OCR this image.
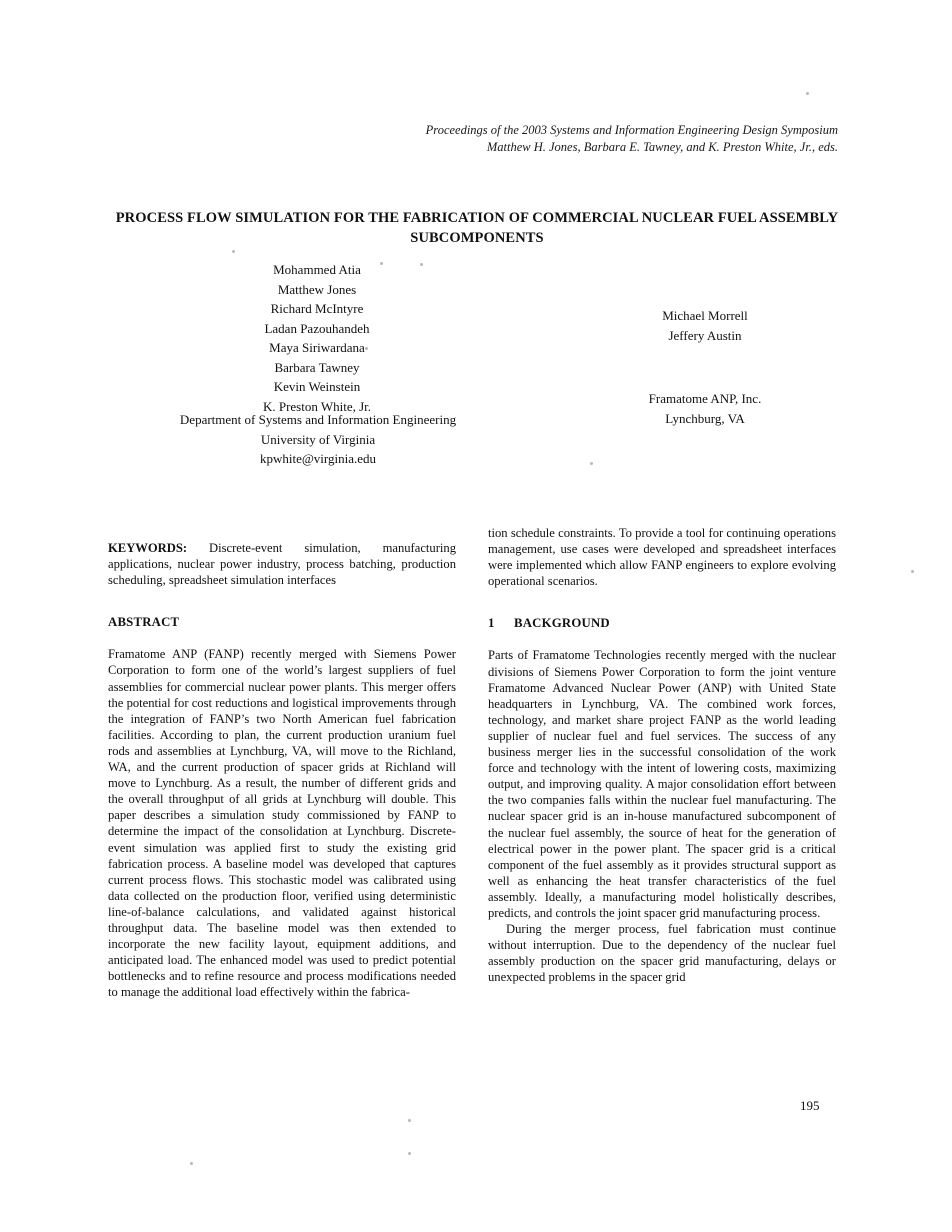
Proceedings of the 2003 Systems and Information Engineering Design Symposium
Matthew H. Jones, Barbara E. Tawney, and K. Preston White, Jr., eds.
PROCESS FLOW SIMULATION FOR THE FABRICATION OF COMMERCIAL NUCLEAR FUEL ASSEMBLY SUBCOMPONENTS
Mohammed Atia
Matthew Jones
Richard McIntyre
Ladan Pazouhandeh
Maya Siriwardana
Barbara Tawney
Kevin Weinstein
K. Preston White, Jr.
Department of Systems and Information Engineering
University of Virginia
kpwhite@virginia.edu
Michael Morrell
Jeffery Austin
Framatome ANP, Inc.
Lynchburg, VA

KEYWORDS: Discrete-event simulation, manufacturing applications, nuclear power industry, process batching, production scheduling, spreadsheet simulation interfaces

ABSTRACT

Framatome ANP (FANP) recently merged with Siemens Power Corporation to form one of the world’s largest suppliers of fuel assemblies for commercial nuclear power plants. This merger offers the potential for cost reductions and logistical improvements through the integration of FANP’s two North American fuel fabrication facilities. According to plan, the current production uranium fuel rods and assemblies at Lynchburg, VA, will move to the Richland, WA, and the current production of spacer grids at Richland will move to Lynchburg. As a result, the number of different grids and the overall throughput of all grids at Lynchburg will double. This paper describes a simulation study commissioned by FANP to determine the impact of the consolidation at Lynchburg. Discrete-event simulation was applied first to study the existing grid fabrication process. A baseline model was developed that captures current process flows. This stochastic model was calibrated using data collected on the production floor, verified using deterministic line-of-balance calculations, and validated against historical throughput data. The baseline model was then extended to incorporate the new facility layout, equipment additions, and anticipated load. The enhanced model was used to predict potential bottlenecks and to refine resource and process modifications needed to manage the additional load effectively within the fabrica-

tion schedule constraints. To provide a tool for continuing operations management, use cases were developed and spreadsheet interfaces were implemented which allow FANP engineers to explore evolving operational scenarios.

1 BACKGROUND

Parts of Framatome Technologies recently merged with the nuclear divisions of Siemens Power Corporation to form the joint venture Framatome Advanced Nuclear Power (ANP) with United State headquarters in Lynchburg, VA. The combined work forces, technology, and market share project FANP as the world leading supplier of nuclear fuel and fuel services. The success of any business merger lies in the successful consolidation of the work force and technology with the intent of lowering costs, maximizing output, and improving quality. A major consolidation effort between the two companies falls within the nuclear fuel manufacturing. The nuclear spacer grid is an in-house manufactured subcomponent of the nuclear fuel assembly, the source of heat for the generation of electrical power in the power plant. The spacer grid is a critical component of the fuel assembly as it provides structural support as well as enhancing the heat transfer characteristics of the fuel assembly. Ideally, a manufacturing model holistically describes, predicts, and controls the joint spacer grid manufacturing process.

During the merger process, fuel fabrication must continue without interruption. Due to the dependency of the nuclear fuel assembly production on the spacer grid manufacturing, delays or unexpected problems in the spacer grid

195
